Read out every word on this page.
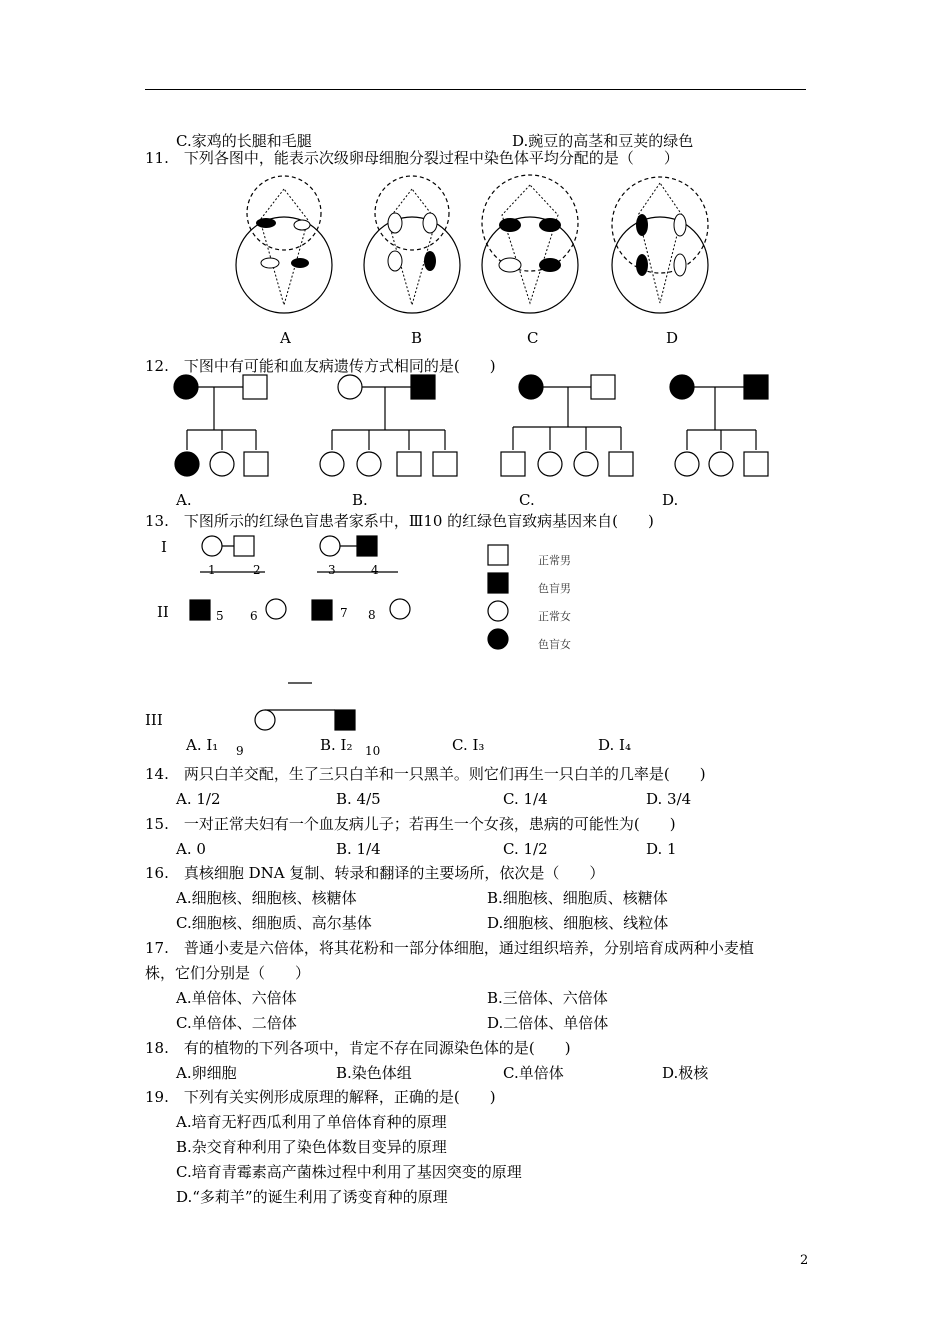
C.家鸡的长腿和毛腿	D.豌豆的高茎和豆荚的绿色
11.　下列各图中，能表示次级卵母细胞分裂过程中染色体平均分配的是（　　）
A	B	C	D
12.　下图中有可能和血友病遗传方式相同的是(　　)
A.	B.	C.	D.
13.　下图所示的红绿色盲患者家系中，Ⅲ10 的红绿色盲致病基因来自(　　)
I
II
III
1	2	3	4
5 6	7 8
9	10
正常男
色盲男
正常女
色盲女
A. I₁	B. I₂	C. I₃	D. I₄
14.　两只白羊交配，生了三只白羊和一只黑羊。则它们再生一只白羊的几率是(　　)
A. 1/2	B. 4/5	C. 1/4	D. 3/4
15.　一对正常夫妇有一个血友病儿子；若再生一个女孩，患病的可能性为(　　)
A. 0	B. 1/4	C. 1/2	D. 1
16.　真核细胞 DNA 复制、转录和翻译的主要场所，依次是（　　）
A.细胞核、细胞核、核糖体	B.细胞核、细胞质、核糖体
C.细胞核、细胞质、高尔基体	D.细胞核、细胞核、线粒体
17.　普通小麦是六倍体，将其花粉和一部分体细胞，通过组织培养，分别培育成两种小麦植
株，它们分别是（　　）
A.单倍体、六倍体	B.三倍体、六倍体
C.单倍体、二倍体	D.二倍体、单倍体
18.　有的植物的下列各项中，肯定不存在同源染色体的是(　　)
A.卵细胞	B.染色体组	C.单倍体	D.极核
19.　下列有关实例形成原理的解释，正确的是(　　)
A.培育无籽西瓜利用了单倍体育种的原理
B.杂交育种利用了染色体数目变异的原理
C.培育青霉素高产菌株过程中利用了基因突变的原理
D.“多莉羊”的诞生利用了诱变育种的原理
2
